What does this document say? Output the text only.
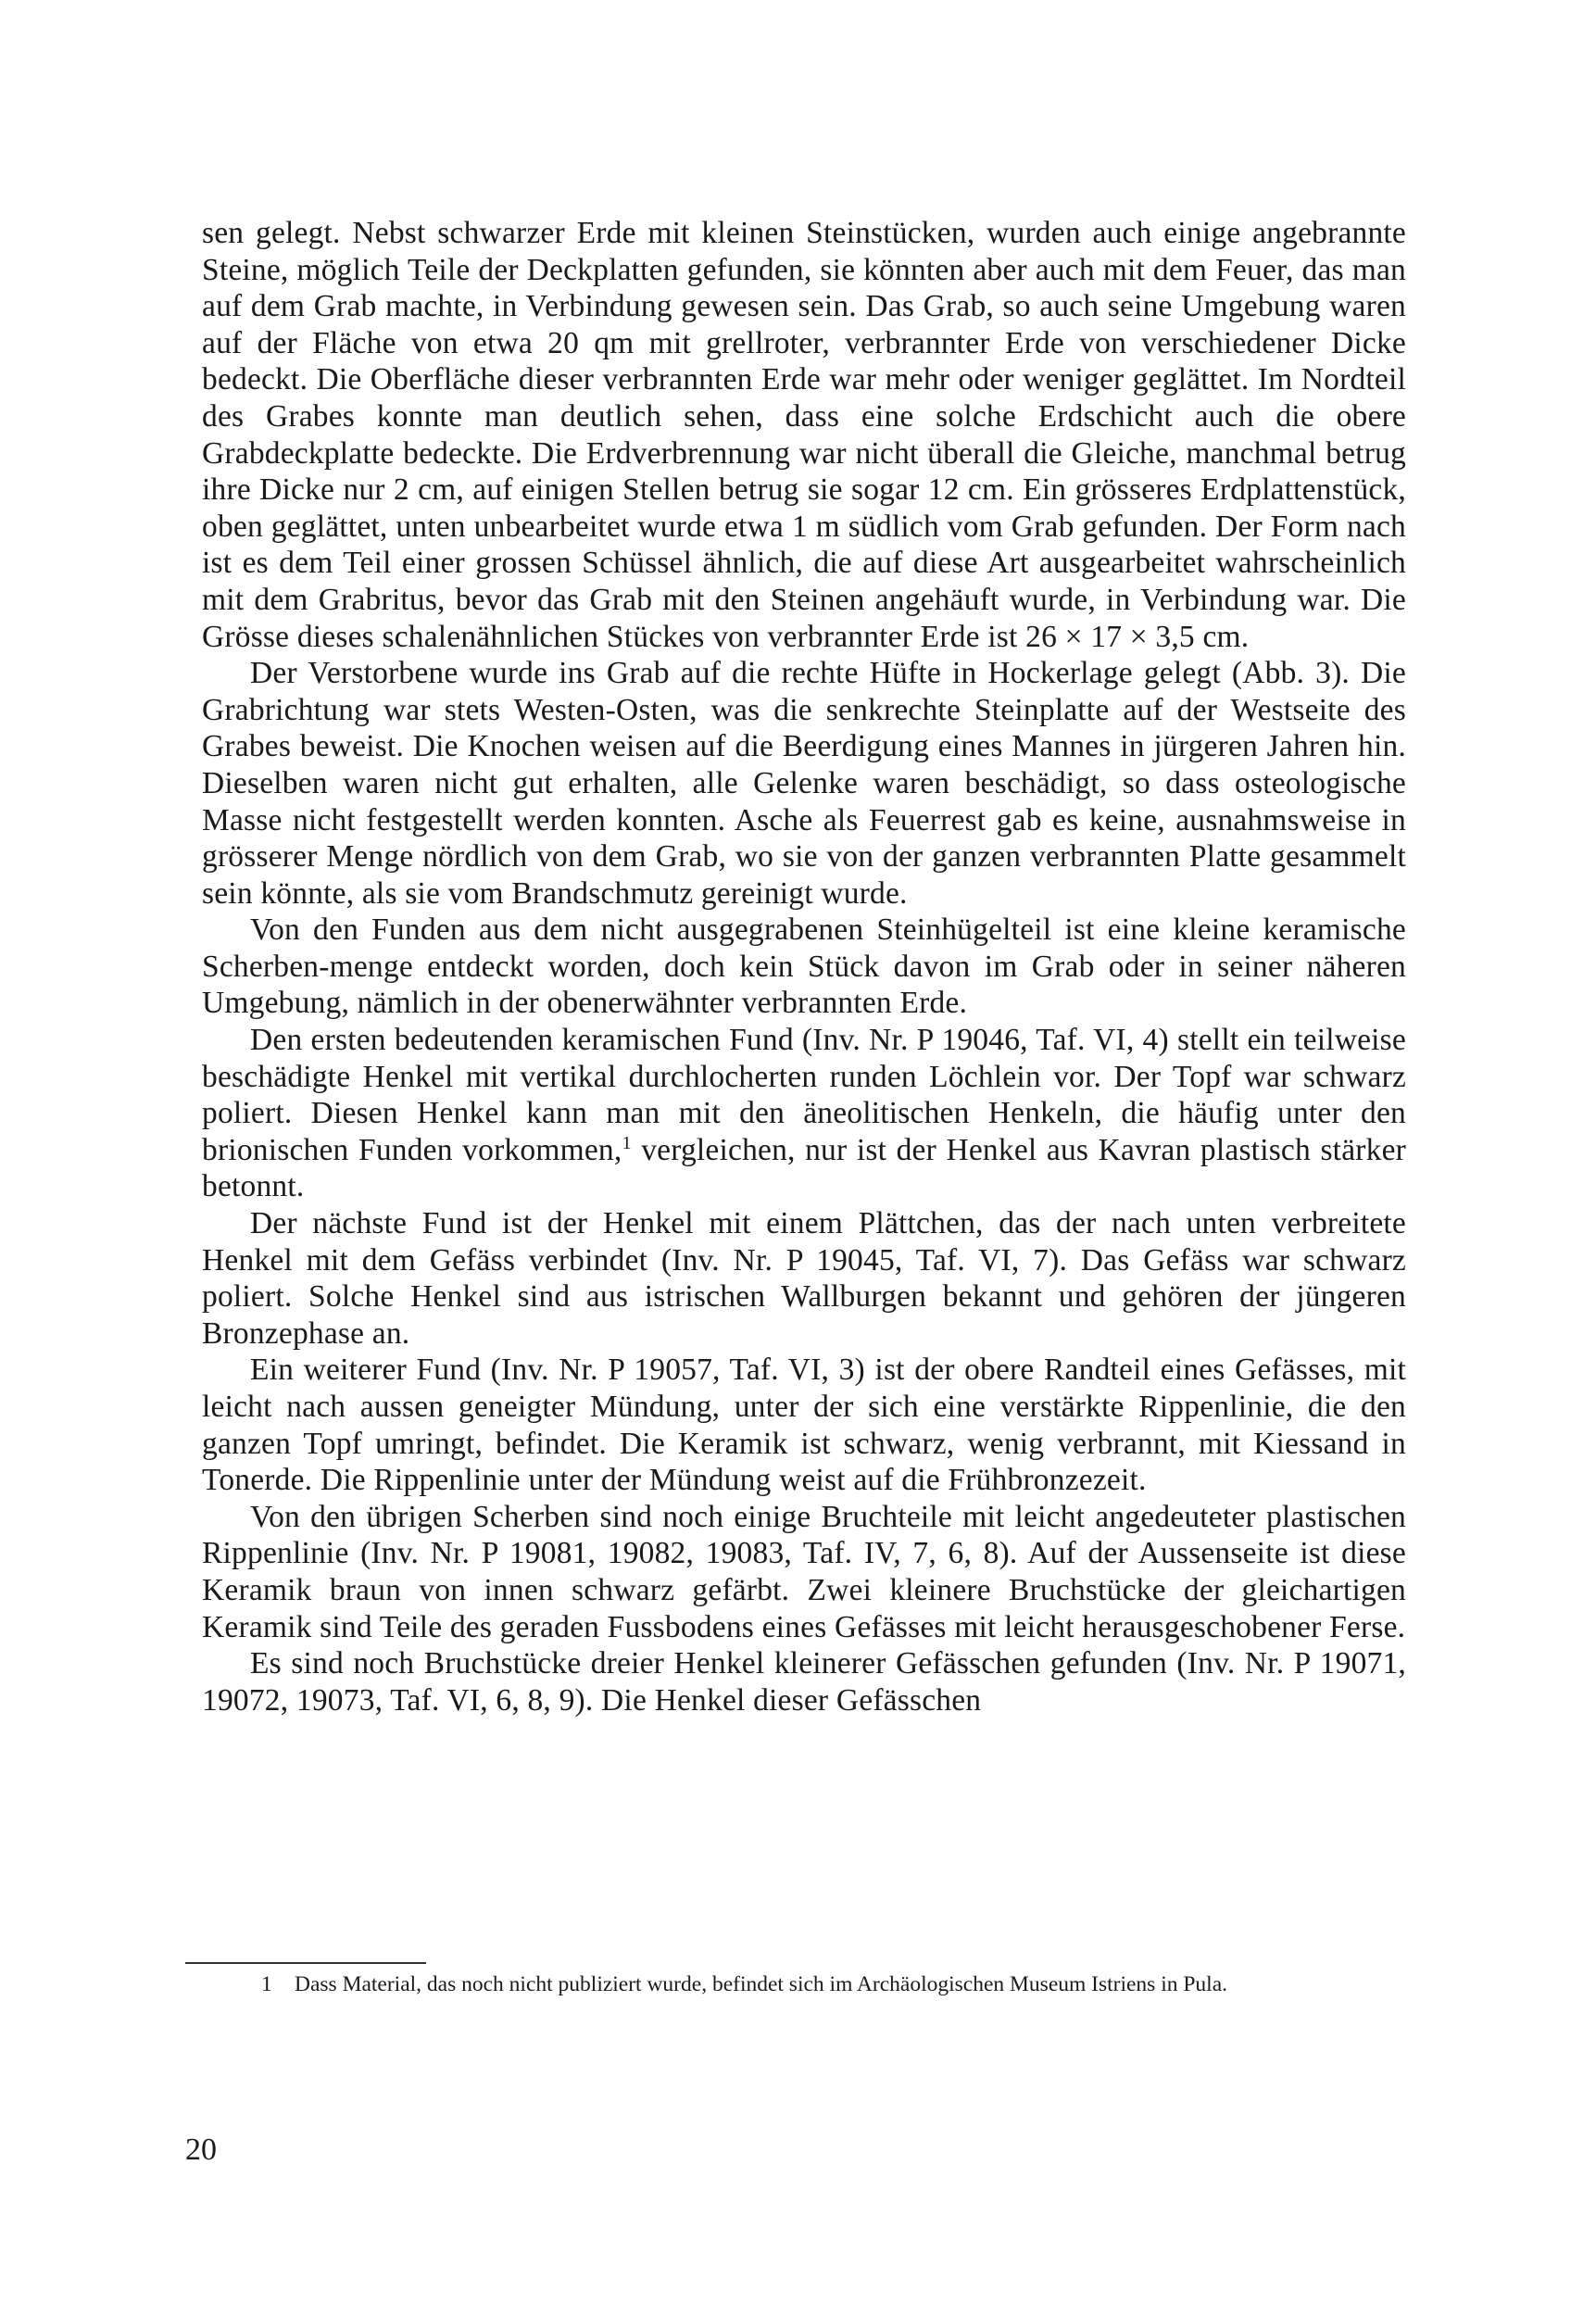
sen gelegt. Nebst schwarzer Erde mit kleinen Steinstücken, wurden auch einige angebrannte Steine, möglich Teile der Deckplatten gefunden, sie könnten aber auch mit dem Feuer, das man auf dem Grab machte, in Verbindung gewesen sein. Das Grab, so auch seine Umgebung waren auf der Fläche von etwa 20 qm mit grellroter, verbrannter Erde von verschiedener Dicke bedeckt. Die Oberfläche dieser verbrannten Erde war mehr oder weniger geglättet. Im Nordteil des Grabes konnte man deutlich sehen, dass eine solche Erdschicht auch die obere Grabdeckplatte bedeckte. Die Erdverbrennung war nicht überall die Gleiche, manchmal betrug ihre Dicke nur 2 cm, auf einigen Stellen betrug sie sogar 12 cm. Ein grösseres Erdplattenstück, oben geglättet, unten unbearbeitet wurde etwa 1 m südlich vom Grab gefunden. Der Form nach ist es dem Teil einer grossen Schüssel ähnlich, die auf diese Art ausgearbeitet wahrscheinlich mit dem Grabritus, bevor das Grab mit den Steinen angehäuft wurde, in Verbindung war. Die Grösse dieses schalenähnlichen Stückes von verbrannter Erde ist 26 × 17 × 3,5 cm.

Der Verstorbene wurde ins Grab auf die rechte Hüfte in Hockerlage gelegt (Abb. 3). Die Grabrichtung war stets Westen-Osten, was die senkrechte Steinplatte auf der Westseite des Grabes beweist. Die Knochen weisen auf die Beerdigung eines Mannes in jürgeren Jahren hin. Dieselben waren nicht gut erhalten, alle Gelenke waren beschädigt, so dass osteologische Masse nicht festgestellt werden konnten. Asche als Feuerrest gab es keine, ausnahmsweise in grösserer Menge nördlich von dem Grab, wo sie von der ganzen verbrannten Platte gesammelt sein könnte, als sie vom Brandschmutz gereinigt wurde.

Von den Funden aus dem nicht ausgegrabenen Steinhügelteil ist eine kleine keramische Scherben-menge entdeckt worden, doch kein Stück davon im Grab oder in seiner näheren Umgebung, nämlich in der obenerwähnter verbrannten Erde.

Den ersten bedeutenden keramischen Fund (Inv. Nr. P 19046, Taf. VI, 4) stellt ein teilweise beschädigte Henkel mit vertikal durchlocherten runden Löchlein vor. Der Topf war schwarz poliert. Diesen Henkel kann man mit den äneolitischen Henkeln, die häufig unter den brionischen Funden vorkommen,$^1$ vergleichen, nur ist der Henkel aus Kavran plastisch stärker betonnt.

Der nächste Fund ist der Henkel mit einem Plättchen, das der nach unten verbreitete Henkel mit dem Gefäss verbindet (Inv. Nr. P 19045, Taf. VI, 7). Das Gefäss war schwarz poliert. Solche Henkel sind aus istrischen Wallburgen bekannt und gehören der jüngeren Bronzephase an.

Ein weiterer Fund (Inv. Nr. P 19057, Taf. VI, 3) ist der obere Randteil eines Gefässes, mit leicht nach aussen geneigter Mündung, unter der sich eine verstärkte Rippenlinie, die den ganzen Topf umringt, befindet. Die Keramik ist schwarz, wenig verbrannt, mit Kiessand in Tonerde. Die Rippenlinie unter der Mündung weist auf die Frühbronzezeit.

Von den übrigen Scherben sind noch einige Bruchteile mit leicht angedeuteter plastischen Rippenlinie (Inv. Nr. P 19081, 19082, 19083, Taf. IV, 7, 6, 8). Auf der Aussenseite ist diese Keramik braun von innen schwarz gefärbt. Zwei kleinere Bruchstücke der gleichartigen Keramik sind Teile des geraden Fussbodens eines Gefässes mit leicht herausgeschobener Ferse.

Es sind noch Bruchstücke dreier Henkel kleinerer Gefässchen gefunden (Inv. Nr. P 19071, 19072, 19073, Taf. VI, 6, 8, 9). Die Henkel dieser Gefässchen

1 Dass Material, das noch nicht publiziert wurde, befindet sich im Archäologischen Museum Istriens in Pula.
20
